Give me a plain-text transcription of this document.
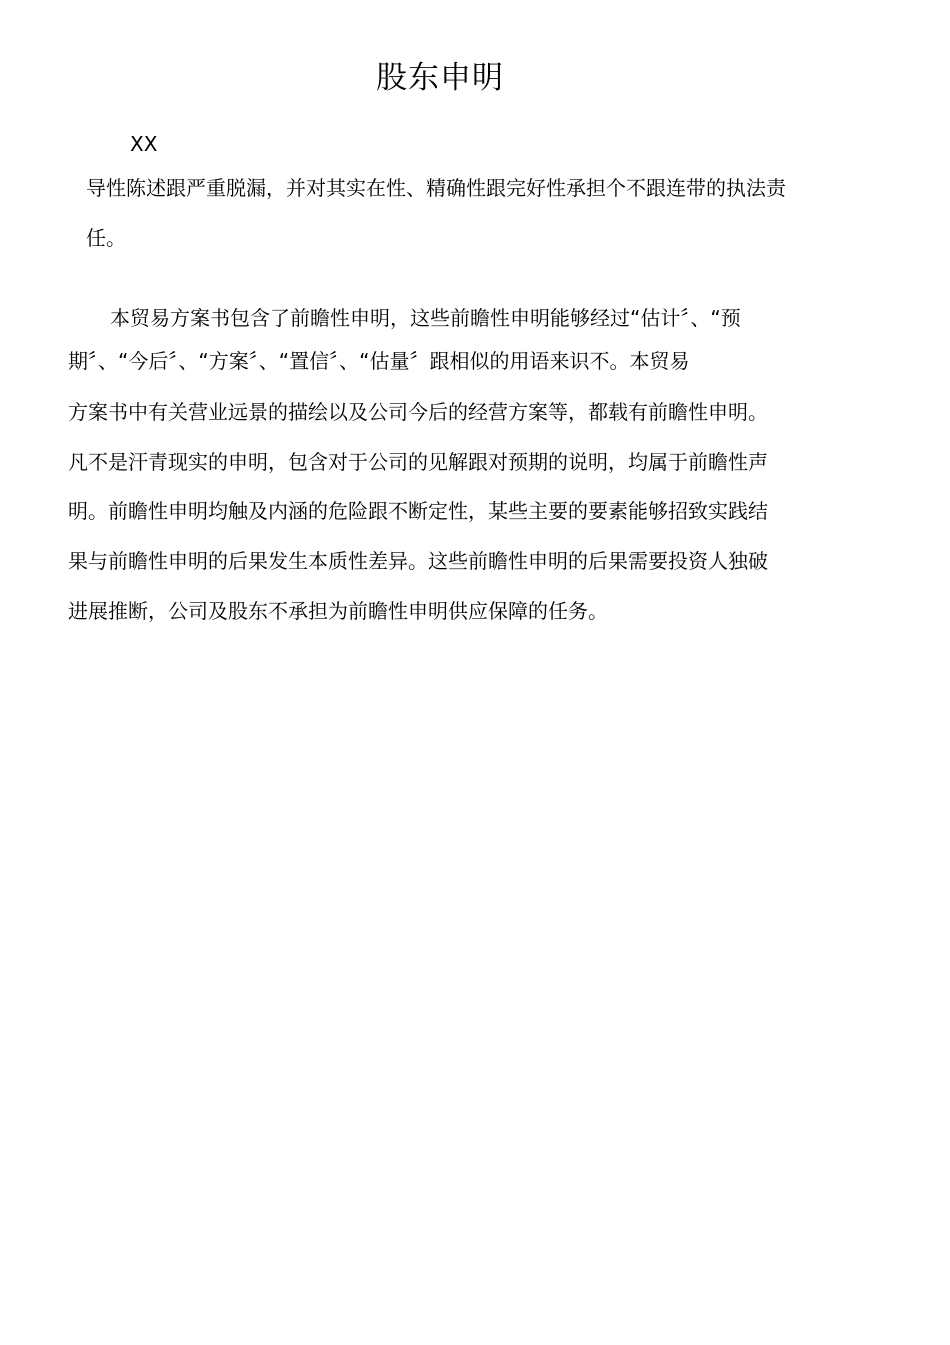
股东申明
XX
导性陈述跟严重脱漏，并对其实在性、精确性跟完好性承担个不跟连带的执法责
任。
本贸易方案书包含了前瞻性申明，这些前瞻性申明能够经过“估计〞、“预
期〞、“今后〞、“方案〞、“置信〞、“估量〞跟相似的用语来识不。本贸易
方案书中有关营业远景的描绘以及公司今后的经营方案等，都载有前瞻性申明。
凡不是汗青现实的申明，包含对于公司的见解跟对预期的说明，均属于前瞻性声
明。前瞻性申明均触及内涵的危险跟不断定性，某些主要的要素能够招致实践结
果与前瞻性申明的后果发生本质性差异。这些前瞻性申明的后果需要投资人独破
进展推断，公司及股东不承担为前瞻性申明供应保障的任务。
